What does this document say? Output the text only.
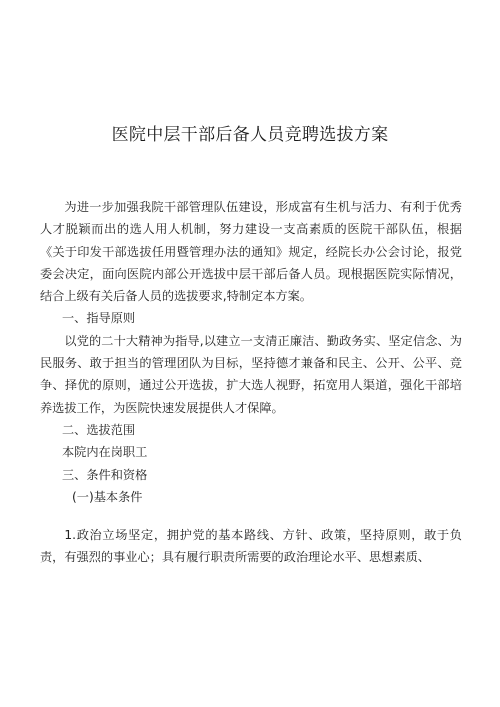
医院中层干部后备人员竞聘选拔方案

为进一步加强我院干部管理队伍建设，形成富有生机与活力、有利于优秀人才脱颖而出的选人用人机制，努力建设一支高素质的医院干部队伍，根据《关于印发干部选拔任用暨管理办法的通知》规定，经院长办公会讨论，报党委会决定，面向医院内部公开选拔中层干部后备人员。现根据医院实际情况，结合上级有关后备人员的选拔要求,特制定本方案。

一、指导原则

以党的二十大精神为指导,以建立一支清正廉洁、勤政务实、坚定信念、为民服务、敢于担当的管理团队为目标，坚持德才兼备和民主、公开、公平、竞争、择优的原则，通过公开选拔，扩大选人视野，拓宽用人渠道，强化干部培养选拔工作，为医院快速发展提供人才保障。

二、选拔范围

本院内在岗职工

三、条件和资格

(一)基本条件

1.政治立场坚定，拥护党的基本路线、方针、政策，坚持原则，敢于负责，有强烈的事业心；具有履行职责所需要的政治理论水平、思想素质、
